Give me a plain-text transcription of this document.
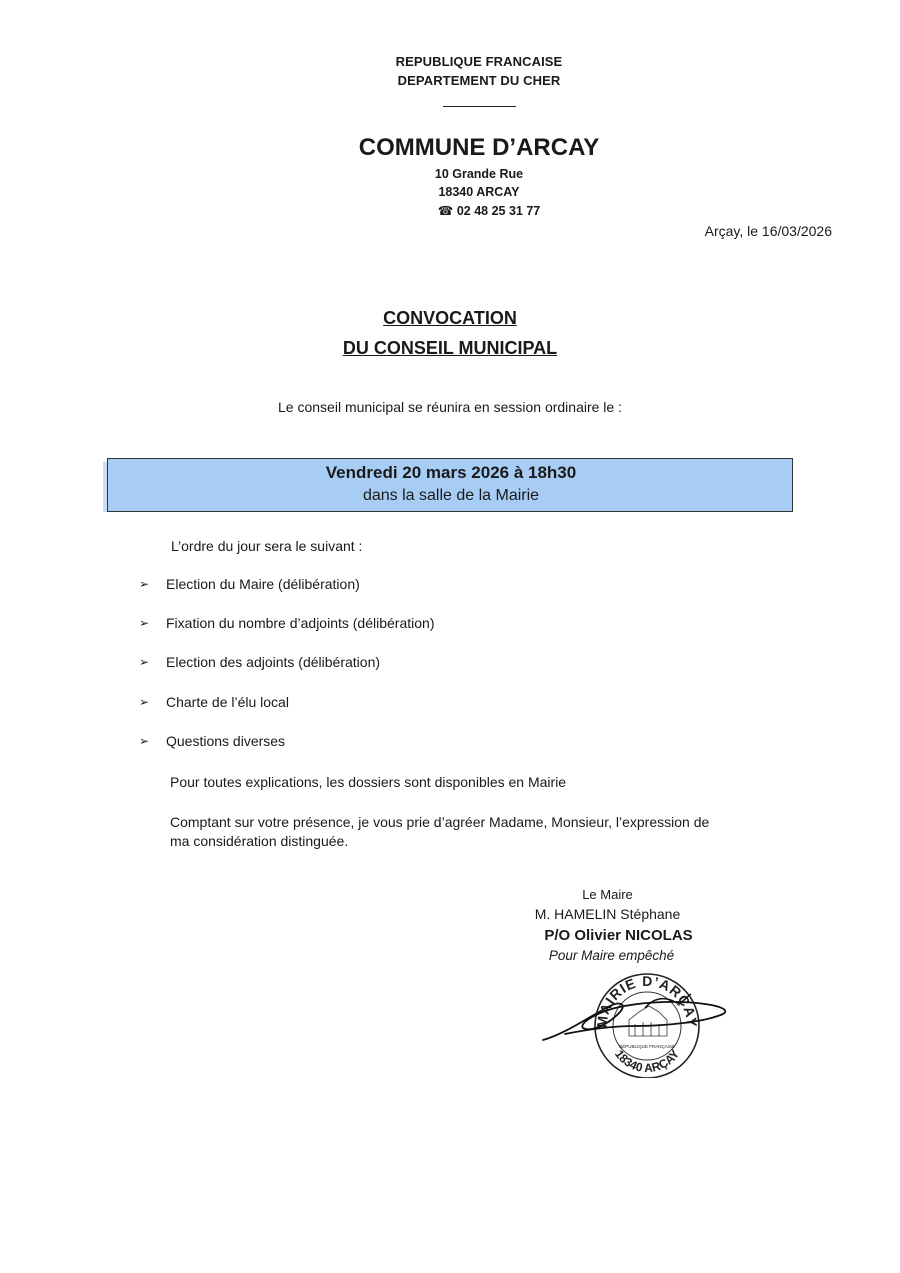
REPUBLIQUE FRANCAISE
DEPARTEMENT DU CHER
COMMUNE D’ARCAY
10 Grande Rue
18340 ARCAY
☎ 02 48 25 31 77
Arçay, le 16/03/2026
CONVOCATION
DU CONSEIL MUNICIPAL
Le conseil municipal se réunira en session ordinaire le :
Vendredi 20 mars 2026 à 18h30
dans la salle de la Mairie
L’ordre du jour sera le suivant :
➢ Election du Maire (délibération)
➢ Fixation du nombre d’adjoints (délibération)
➢ Election des adjoints (délibération)
➢ Charte de l’élu local
➢ Questions diverses
Pour toutes explications, les dossiers sont disponibles en Mairie
Comptant sur votre présence, je vous prie d’agréer Madame, Monsieur, l’expression de ma considération distinguée.
Le Maire
M. HAMELIN Stéphane
P/O Olivier NICOLAS
Pour Maire empêché
MAIRIE D’ARÇAY
18340 ARÇAY
RÉPUBLIQUE FRANÇAISE
